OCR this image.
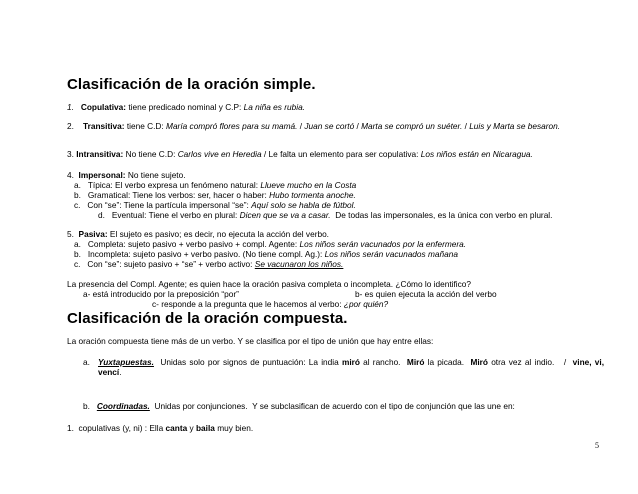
Clasificación de la oración simple.
1. Copulativa: tiene predicado nominal y C.P: La niña es rubia.
2. Transitiva: tiene C.D: María compró flores para su mamá. / Juan se cortó / Marta se compró un suéter. / Luis y Marta se besaron.
3. Intransitiva: No tiene C.D: Carlos vive en Heredia / Le falta un elemento para ser copulativa: Los niños están en Nicaragua.
4. Impersonal: No tiene sujeto.
a. Típica: El verbo expresa un fenómeno natural: Llueve mucho en la Costa
b. Gramatical: Tiene los verbos: ser, hacer o haber: Hubo tormenta anoche.
c. Con “se”: Tiene la partícula impersonal “se”: Aquí solo se habla de fútbol.
d. Eventual: Tiene el verbo en plural: Dicen que se va a casar.  De todas las impersonales, es la única con verbo en plural.
5. Pasiva: El sujeto es pasivo; es decir, no ejecuta la acción del verbo.
a. Completa: sujeto pasivo + verbo pasivo + compl. Agente: Los niños serán vacunados por la enfermera.
b. Incompleta: sujeto pasivo + verbo pasivo. (No tiene compl. Ag.): Los niños serán vacunados mañana
c. Con “se”: sujeto pasivo + “se” + verbo activo: Se vacunaron los niños.
La presencia del Compl. Agente; es quien hace la oración pasiva completa o incompleta. ¿Cómo lo identifico?
a- está introducido por la preposición “por”	b- es quien ejecuta la acción del verbo
c- responde a la pregunta que le hacemos al verbo: ¿por quién?
Clasificación de la oración compuesta.
La oración compuesta tiene más de un verbo. Y se clasifica por el tipo de unión que hay entre ellas:
a. Yuxtapuestas.  Unidas solo por signos de puntuación: La india miró al rancho.  Miró la picada.  Miró otra vez al indio.   /  vine, vi, vencí.
b. Coordinadas.  Unidas por conjunciones.  Y se subclasifican de acuerdo con el tipo de conjunción que las une en:
1.  copulativas (y, ni) : Ella canta y baila muy bien.
5
